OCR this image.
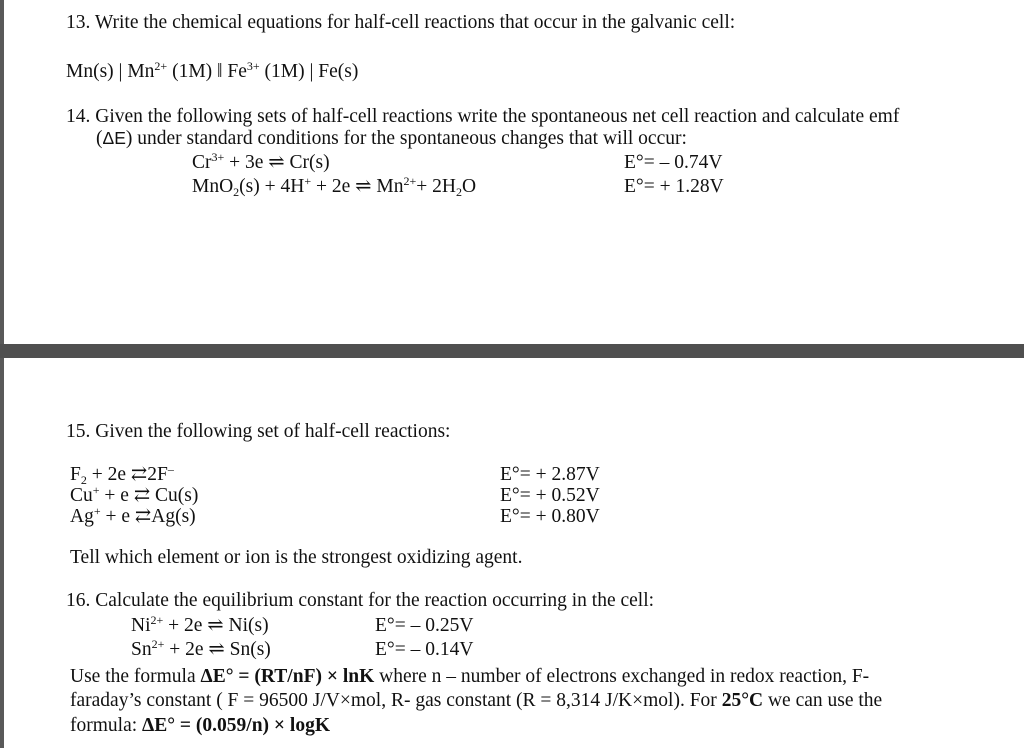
13. Write the chemical equations for half-cell reactions that occur in the galvanic cell:
Mn(s) | $Mn^{2+}$ (1M) ‖ $Fe^{3+}$ (1M) | Fe(s)
14. Given the following sets of half-cell reactions write the spontaneous net cell reaction and calculate emf
(ΔE) under standard conditions for the spontaneous changes that will occur:
$Cr^{3+} + 3e$ ⇌ Cr(s)	E°= – 0.74V
MnO$_2$(s) + 4H+ + 2e ⇌ $Mn^{2+}+ 2H_2O$	E°= + 1.28V
15. Given the following set of half-cell reactions:
$F_2 + 2e$ ⇄2F–	E°= + 2.87V
Cu+ + e ⇄ Cu(s)	E°= + 0.52V
Ag+ + e ⇄Ag(s)	E°= + 0.80V
Tell which element or ion is the strongest oxidizing agent.
16. Calculate the equilibrium constant for the reaction occurring in the cell:
$Ni^{2+} + 2e$ ⇌ Ni(s)	E°= – 0.25V
$Sn^{2+} + 2e$ ⇌ Sn(s)	E°= – 0.14V
Use the formula ΔE° = (RT/nF) × lnK where n – number of electrons exchanged in redox reaction, F-
faraday’s constant ( F = 96500 J/V×mol, R- gas constant (R = 8,314 J/K×mol). For 25°C we can use the
formula: ΔE° = (0.059/n) × logK
